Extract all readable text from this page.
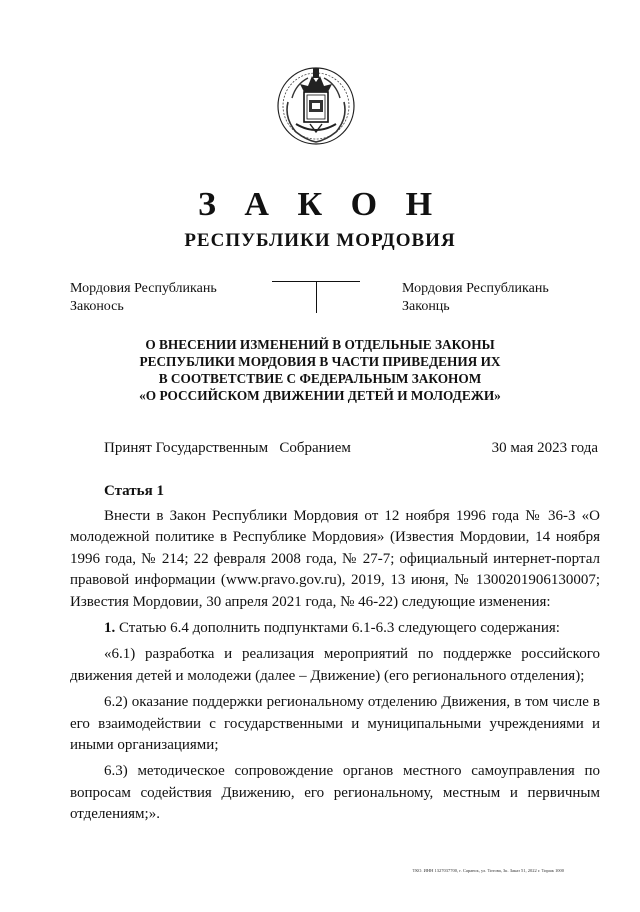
З А К О Н
РЕСПУБЛИКИ МОРДОВИЯ
Мордовия Республикань
Законось
Мордовия Республикань
Законць
О ВНЕСЕНИИ ИЗМЕНЕНИЙ В ОТДЕЛЬНЫЕ ЗАКОНЫ
РЕСПУБЛИКИ МОРДОВИЯ В ЧАСТИ ПРИВЕДЕНИЯ ИХ
В СООТВЕТСТВИЕ С ФЕДЕРАЛЬНЫМ ЗАКОНОМ
«О РОССИЙСКОМ ДВИЖЕНИИ ДЕТЕЙ И МОЛОДЕЖИ»
Принят Государственным   Собранием	30 мая 2023 года
Статья 1

Внести в Закон Республики Мордовия от 12 ноября 1996 года № 36-З «О молодежной политике в Республике Мордовия» (Известия Мордовии, 14 ноября 1996 года, № 214; 22 февраля 2008 года, № 27-7; официальный интернет-портал правовой информации (www.pravo.gov.ru), 2019, 13 июня, № 1300201906130007; Известия Мордовии, 30 апреля 2021 года, № 46-22) следующие изменения:

1. Статью 6.4 дополнить подпунктами 6.1-6.3 следующего содержания:

«6.1) разработка и реализация мероприятий по поддержке российского движения детей и молодежи (далее – Движение) (его регионального отделения);

6.2) оказание поддержки региональному отделению Движения, в том числе в его взаимодействии с государственными и муниципальными учреждениями и иными организациями;

6.3) методическое сопровождение органов местного самоуправления по вопросам содействия Движению, его региональному, местным и первичным отделениям;».

ТКО. ИНН 1327037700, г. Саранск, ул. Титова, 3к. Заказ 51, 2022 г. Тираж 1000
